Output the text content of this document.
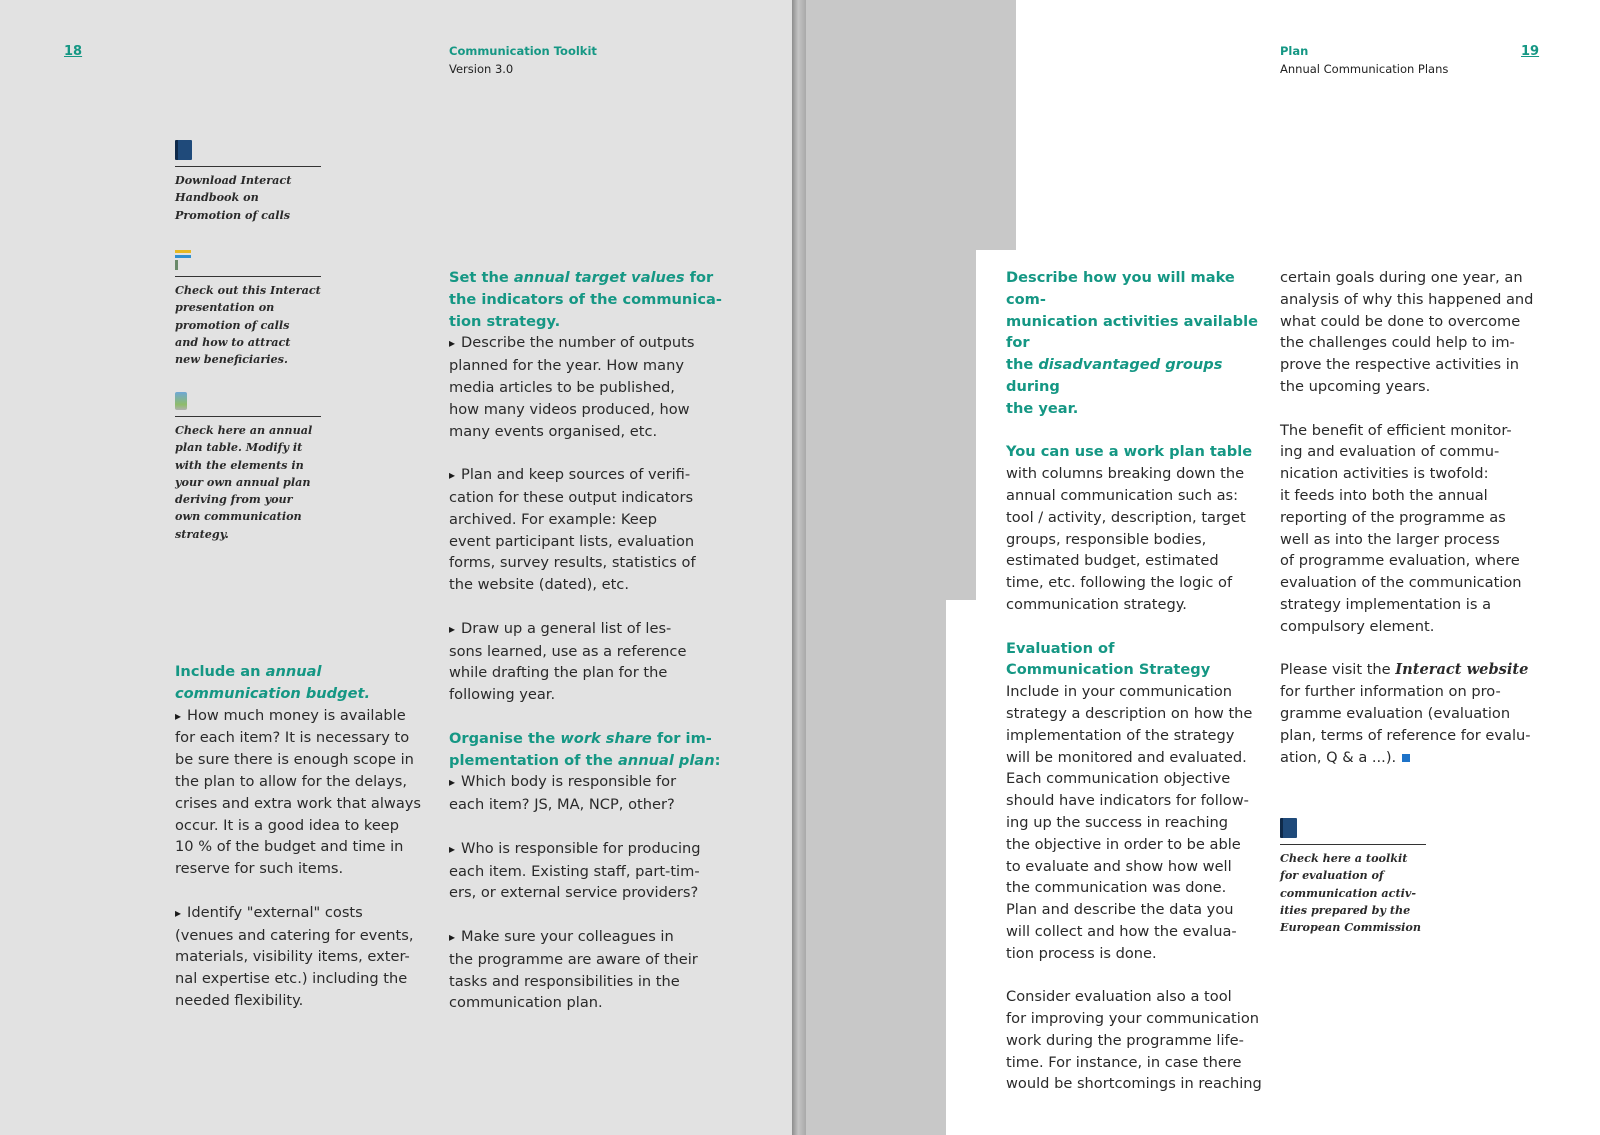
18	Communication Toolkit
Version 3.0
Download Interact
Handbook on
Promotion of calls
Check out this Interact
presentation on
promotion of calls
and how to attract
new beneficiaries.
Check here an annual
plan table. Modify it
with the elements in
your own annual plan
deriving from your
own communication
strategy.

Include an annual

communication budget.

▸ How much money is available

for each item? It is necessary to

be sure there is enough scope in

the plan to allow for the delays,

crises and extra work that always

occur. It is a good idea to keep

10 % of the budget and time in

reserve for such items.

▸ Identify "external" costs

(venues and catering for events,

materials, visibility items, exter-

nal expertise etc.) including the

needed flexibility.

Set the annual target values for

the indicators of the communica-

tion strategy.

▸ Describe the number of outputs

planned for the year. How many

media articles to be published,

how many videos produced, how

many events organised, etc.

▸ Plan and keep sources of verifi-

cation for these output indicators

archived. For example: Keep

event participant lists, evaluation

forms, survey results, statistics of

the website (dated), etc.

▸ Draw up a general list of les-

sons learned, use as a reference

while drafting the plan for the

following year.

Organise the work share for im-

plementation of the annual plan:

▸ Which body is responsible for

each item? JS, MA, NCP, other?

▸ Who is responsible for producing

each item. Existing staff, part-tim-

ers, or external service providers?

▸ Make sure your colleagues in

the programme are aware of their

tasks and responsibilities in the

communication plan.

Plan
Annual Communication Plans
19

Describe how you will make com-

munication activities available for

the disadvantaged groups during

the year.

You can use a work plan table

with columns breaking down the

annual communication such as:

tool / activity, description, target

groups, responsible bodies,

estimated budget, estimated

time, etc. following the logic of

communication strategy.

Evaluation of

Communication Strategy

Include in your communication

strategy a description on how the

implementation of the strategy

will be monitored and evaluated.

Each communication objective

should have indicators for follow-

ing up the success in reaching

the objective in order to be able

to evaluate and show how well

the communication was done.

Plan and describe the data you

will collect and how the evalua-

tion process is done.

Consider evaluation also a tool

for improving your communication

work during the programme life-

time. For instance, in case there

would be shortcomings in reaching

certain goals during one year, an

analysis of why this happened and

what could be done to overcome

the challenges could help to im-

prove the respective activities in

the upcoming years.

The benefit of efficient monitor-

ing and evaluation of commu-

nication activities is twofold:

it feeds into both the annual

reporting of the programme as

well as into the larger process

of programme evaluation, where

evaluation of the communication

strategy implementation is a

compulsory element.

Please visit the Interact website

for further information on pro-

gramme evaluation (evaluation

plan, terms of reference for evalu-

ation, Q & a ...).

Check here a toolkit
for evaluation of
communication activ-
ities prepared by the
European Commission
